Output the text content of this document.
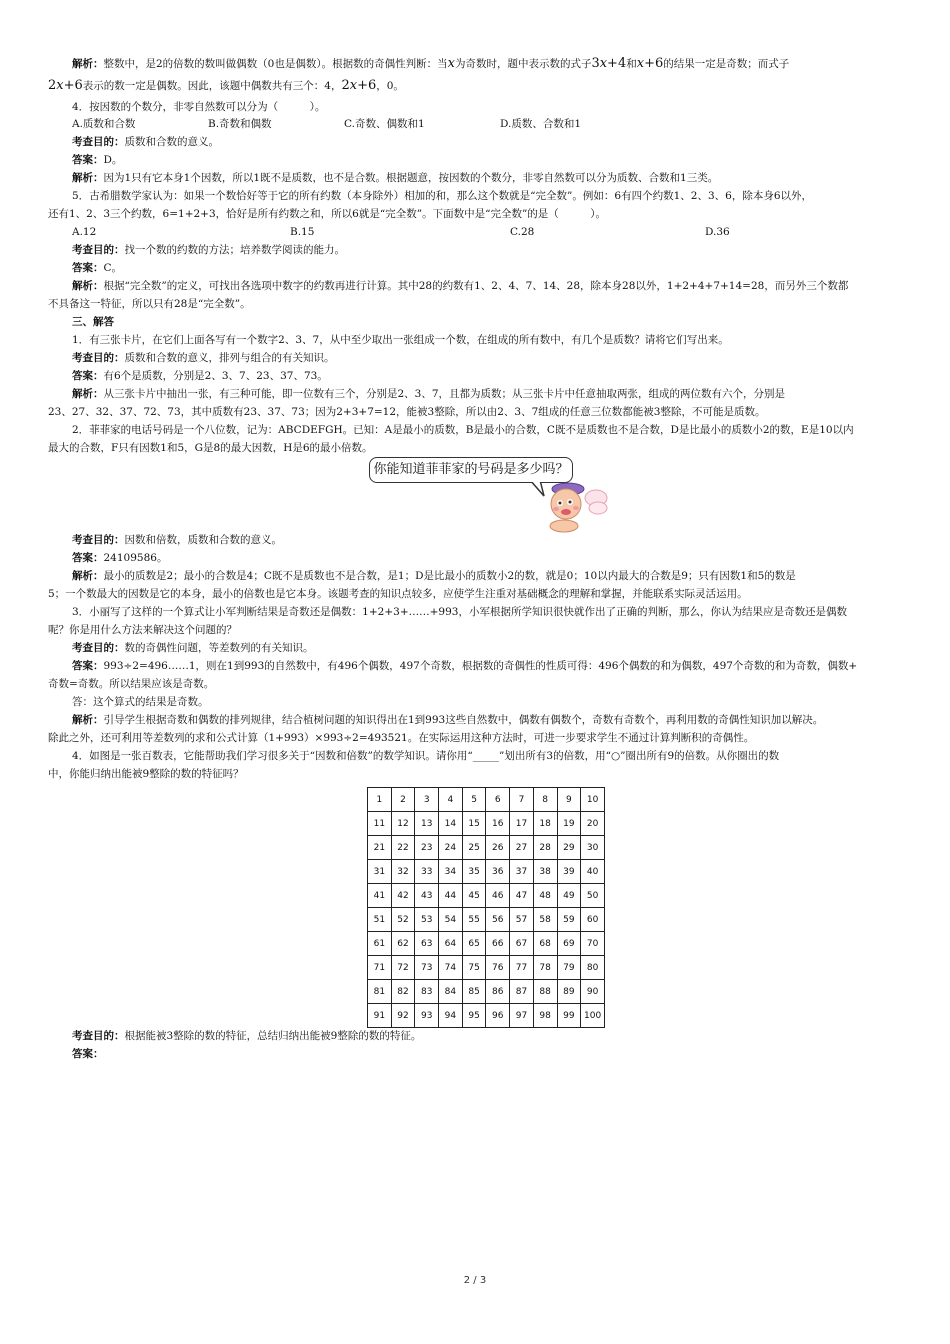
解析：整数中，是2的倍数的数叫做偶数（0也是偶数）。根据数的奇偶性判断：当𝑥为奇数时，题中表示数的式子3𝑥+4和𝑥+6的结果一定是奇数；而式子
2𝑥+6表示的数一定是偶数。因此，该题中偶数共有三个：4，2𝑥+6，0。
4．按因数的个数分，非零自然数可以分为（　　　）。
A.质数和合数	B.奇数和偶数	C.奇数、偶数和1	D.质数、合数和1
考查目的：质数和合数的意义。
答案：D。
解析：因为1只有它本身1个因数，所以1既不是质数，也不是合数。根据题意，按因数的个数分，非零自然数可以分为质数、合数和1三类。
5．古希腊数学家认为：如果一个数恰好等于它的所有约数（本身除外）相加的和，那么这个数就是“完全数”。例如：6有四个约数1、2、3、6，除本身6以外，
还有1、2、3三个约数，6=1+2+3，恰好是所有约数之和，所以6就是“完全数”。下面数中是“完全数”的是（　　　）。
A.12	B.15	C.28	D.36
考查目的：找一个数的约数的方法；培养数学阅读的能力。
答案：C。
解析：根据“完全数”的定义，可找出各选项中数字的约数再进行计算。其中28的约数有1、2、4、7、14、28，除本身28以外，1+2+4+7+14=28，而另外三个数都
不具备这一特征，所以只有28是“完全数”。
三、解答
1．有三张卡片，在它们上面各写有一个数字2、3、7，从中至少取出一张组成一个数，在组成的所有数中，有几个是质数？请将它们写出来。
考查目的：质数和合数的意义，排列与组合的有关知识。
答案：有6个是质数，分别是2、3、7、23、37、73。
解析：从三张卡片中抽出一张，有三种可能，即一位数有三个，分别是2、3、7，且都为质数；从三张卡片中任意抽取两张，组成的两位数有六个，分别是
23、27、32、37、72、73，其中质数有23、37、73；因为2+3+7=12，能被3整除，所以由2、3、7组成的任意三位数都能被3整除，不可能是质数。
2．菲菲家的电话号码是一个八位数，记为：ABCDEFGH。已知：A是最小的质数，B是最小的合数，C既不是质数也不是合数，D是比最小的质数小2的数，E是10以内
最大的合数，F只有因数1和5，G是8的最大因数，H是6的最小倍数。
你能知道菲菲家的号码是多少吗？
考查目的：因数和倍数，质数和合数的意义。
答案：24109586。
解析：最小的质数是2；最小的合数是4；C既不是质数也不是合数，是1；D是比最小的质数小2的数，就是0；10以内最大的合数是9；只有因数1和5的数是
5；一个数最大的因数是它的本身，最小的倍数也是它本身。该题考查的知识点较多，应使学生注重对基础概念的理解和掌握，并能联系实际灵活运用。
3．小丽写了这样的一个算式让小军判断结果是奇数还是偶数：1+2+3+……+993，小军根据所学知识很快就作出了正确的判断，那么，你认为结果应是奇数还是偶数
呢？你是用什么方法来解决这个问题的？
考查目的：数的奇偶性问题，等差数列的有关知识。
答案：993÷2=496……1，则在1到993的自然数中，有496个偶数，497个奇数，根据数的奇偶性的性质可得：496个偶数的和为偶数，497个奇数的和为奇数，偶数+
奇数=奇数。所以结果应该是奇数。
答：这个算式的结果是奇数。
解析：引导学生根据奇数和偶数的排列规律，结合植树问题的知识得出在1到993这些自然数中，偶数有偶数个，奇数有奇数个，再利用数的奇偶性知识加以解决。
除此之外，还可利用等差数列的求和公式计算（1+993）×993÷2=493521。在实际运用这种方法时，可进一步要求学生不通过计算判断积的奇偶性。
4．如图是一张百数表，它能帮助我们学习很多关于“因数和倍数”的数学知识。请你用“_____”划出所有3的倍数，用“○”圈出所有9的倍数。从你圈出的数
中，你能归纳出能被9整除的数的特征吗？
1	2	3	4	5	6	7	8	9	10
11	12	13	14	15	16	17	18	19	20
21	22	23	24	25	26	27	28	29	30
31	32	33	34	35	36	37	38	39	40
41	42	43	44	45	46	47	48	49	50
51	52	53	54	55	56	57	58	59	60
61	62	63	64	65	66	67	68	69	70
71	72	73	74	75	76	77	78	79	80
81	82	83	84	85	86	87	88	89	90
91	92	93	94	95	96	97	98	99	100
考查目的：根据能被3整除的数的特征，总结归纳出能被9整除的数的特征。
答案：
2 / 3
